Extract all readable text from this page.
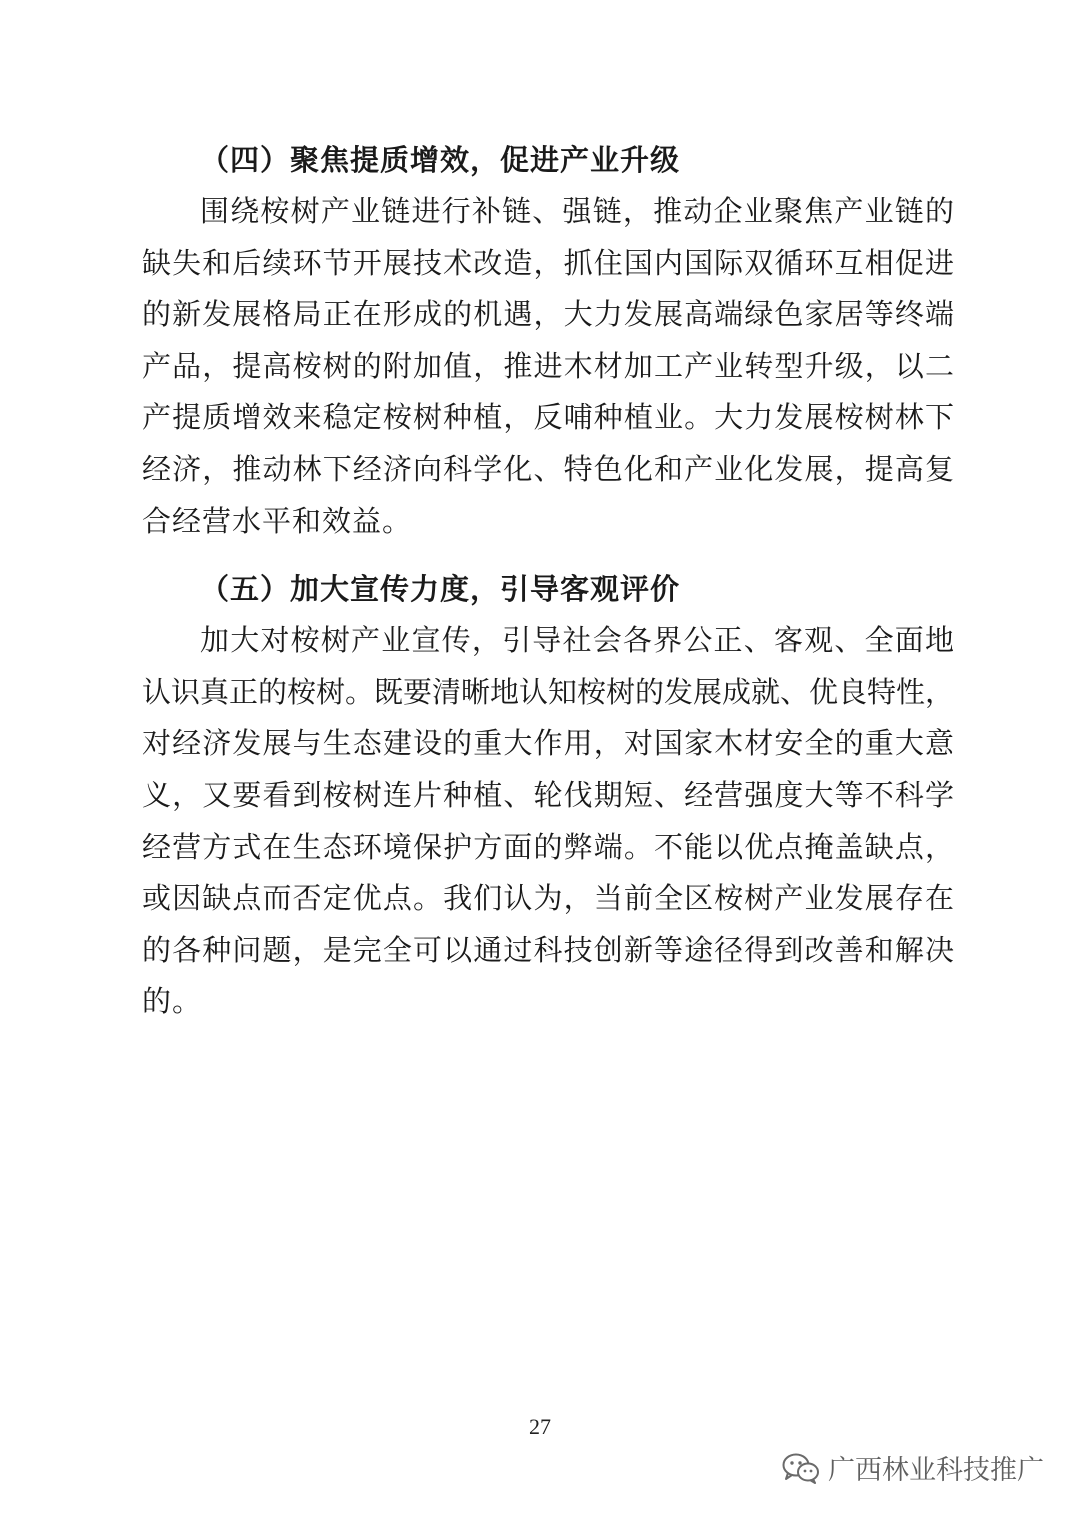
（四）聚焦提质增效，促进产业升级
围绕桉树产业链进行补链、强链，推动企业聚焦产业链的
缺失和后续环节开展技术改造，抓住国内国际双循环互相促进
的新发展格局正在形成的机遇，大力发展高端绿色家居等终端
产品，提高桉树的附加值，推进木材加工产业转型升级，以二
产提质增效来稳定桉树种植，反哺种植业。大力发展桉树林下
经济，推动林下经济向科学化、特色化和产业化发展，提高复
合经营水平和效益。
（五）加大宣传力度，引导客观评价
加大对桉树产业宣传，引导社会各界公正、客观、全面地
认识真正的桉树。既要清晰地认知桉树的发展成就、优良特性，
对经济发展与生态建设的重大作用，对国家木材安全的重大意
义，又要看到桉树连片种植、轮伐期短、经营强度大等不科学
经营方式在生态环境保护方面的弊端。不能以优点掩盖缺点，
或因缺点而否定优点。我们认为，当前全区桉树产业发展存在
的各种问题，是完全可以通过科技创新等途径得到改善和解决
的。
27
广西林业科技推广
